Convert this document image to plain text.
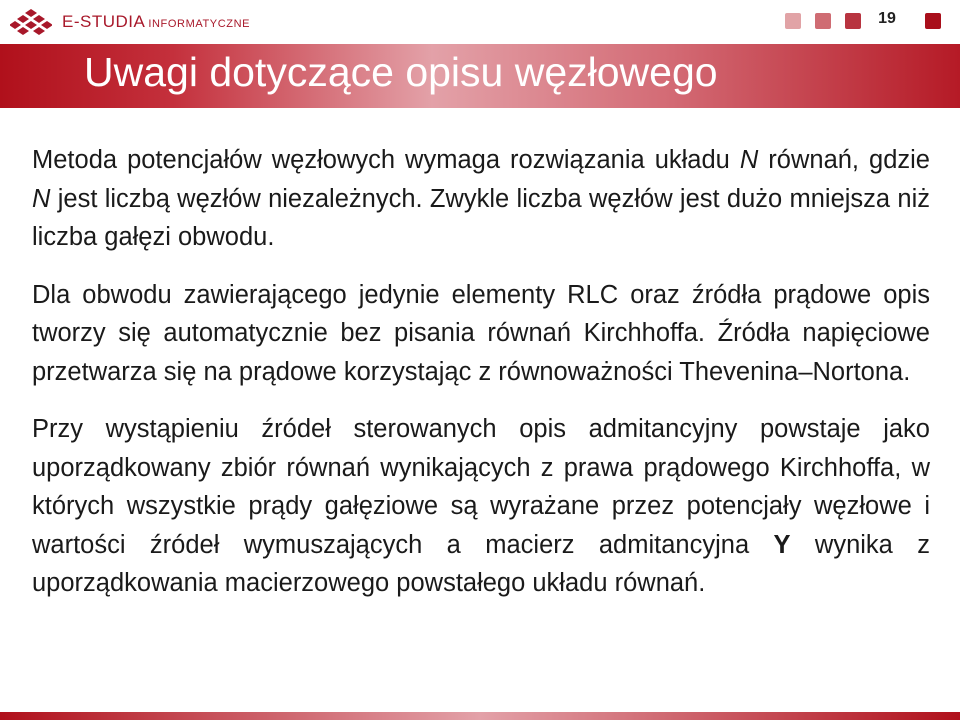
E-STUDIA INFORMATYCZNE	19
Uwagi dotyczące opisu węzłowego

Metoda potencjałów węzłowych wymaga rozwiązania układu N równań, gdzie N jest liczbą węzłów niezależnych. Zwykle liczba węzłów jest dużo mniejsza niż liczba gałęzi obwodu.

Dla obwodu zawierającego jedynie elementy RLC oraz źródła prądowe opis tworzy się automatycznie bez pisania równań Kirchhoffa. Źródła napięciowe przetwarza się na prądowe korzystając z równoważności Thevenina–Nortona.

Przy wystąpieniu źródeł sterowanych opis admitancyjny powstaje jako uporządkowany zbiór równań wynikających z prawa prądowego Kirchhoffa, w których wszystkie prądy gałęziowe są wyrażane przez potencjały węzłowe i wartości źródeł wymuszających a macierz admitancyjna Y wynika z uporządkowania macierzowego powstałego układu równań.
